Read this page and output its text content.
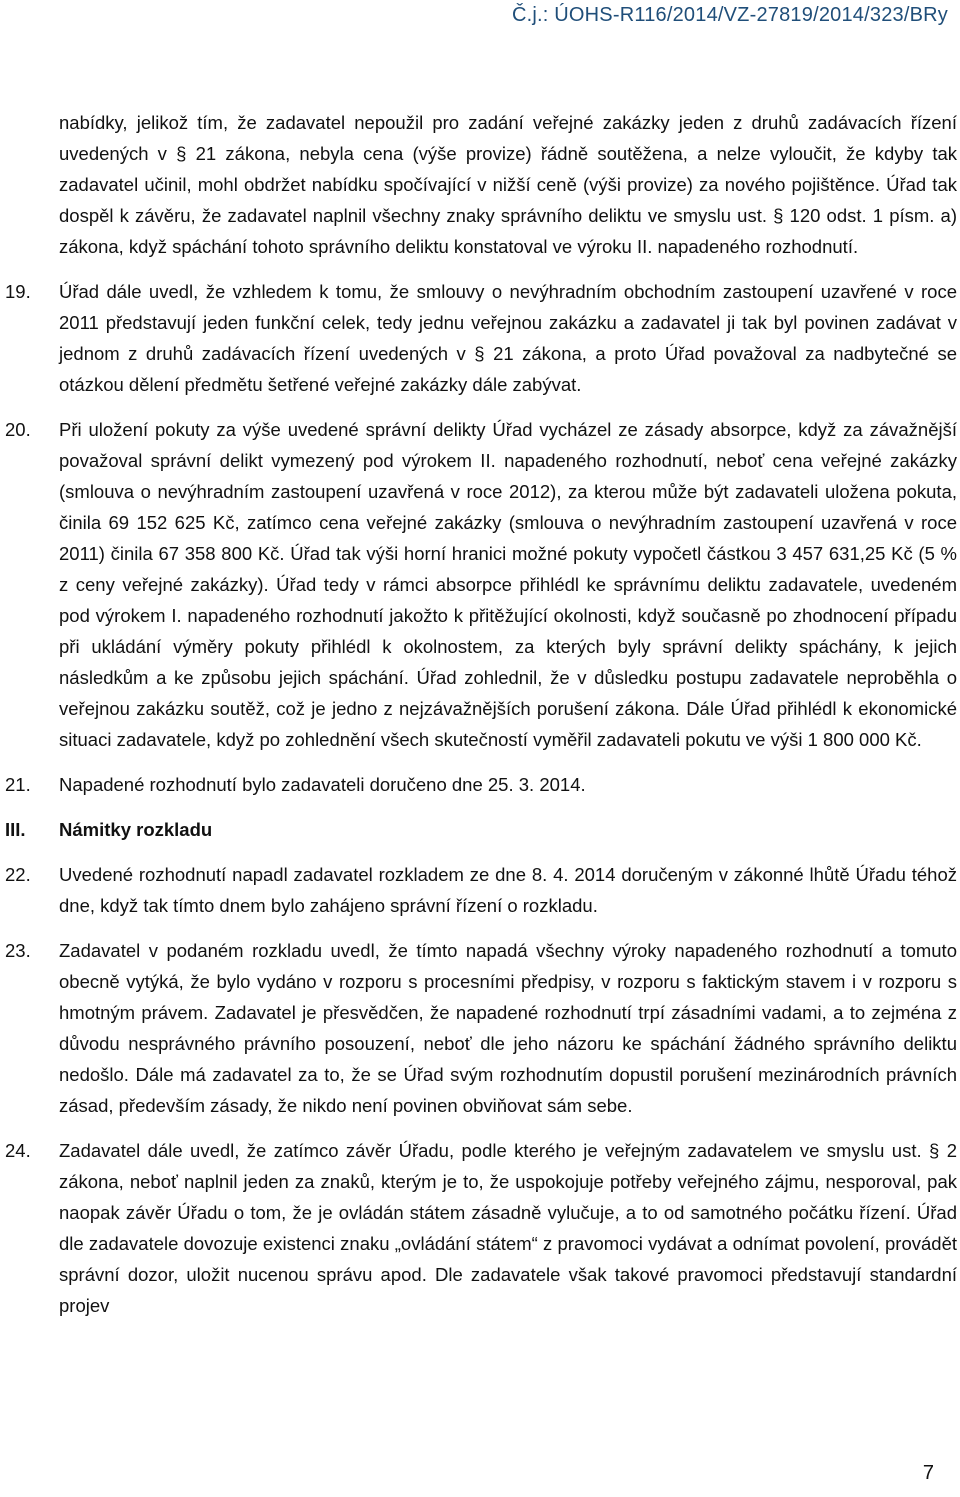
Č.j.: ÚOHS-R116/2014/VZ-27819/2014/323/BRy

nabídky, jelikož tím, že zadavatel nepoužil pro zadání veřejné zakázky jeden z druhů zadávacích řízení uvedených v § 21 zákona, nebyla cena (výše provize) řádně soutěžena, a nelze vyloučit, že kdyby tak zadavatel učinil, mohl obdržet nabídku spočívající v nižší ceně (výši provize) za nového pojištěnce. Úřad tak dospěl k závěru, že zadavatel naplnil všechny znaky správního deliktu ve smyslu ust. § 120 odst. 1 písm. a) zákona, když spáchání tohoto správního deliktu konstatoval ve výroku II. napadeného rozhodnutí.

19. Úřad dále uvedl, že vzhledem k tomu, že smlouvy o nevýhradním obchodním zastoupení uzavřené v roce 2011 představují jeden funkční celek, tedy jednu veřejnou zakázku a zadavatel ji tak byl povinen zadávat v jednom z druhů zadávacích řízení uvedených v § 21 zákona, a proto Úřad považoval za nadbytečné se otázkou dělení předmětu šetřené veřejné zakázky dále zabývat.

20. Při uložení pokuty za výše uvedené správní delikty Úřad vycházel ze zásady absorpce, když za závažnější považoval správní delikt vymezený pod výrokem II. napadeného rozhodnutí, neboť cena veřejné zakázky (smlouva o nevýhradním zastoupení uzavřená v roce 2012), za kterou může být zadavateli uložena pokuta, činila 69 152 625 Kč, zatímco cena veřejné zakázky (smlouva o nevýhradním zastoupení uzavřená v roce 2011) činila 67 358 800 Kč. Úřad tak výši horní hranici možné pokuty vypočetl částkou 3 457 631,25 Kč (5 % z ceny veřejné zakázky). Úřad tedy v rámci absorpce přihlédl ke správnímu deliktu zadavatele, uvedeném pod výrokem I. napadeného rozhodnutí jakožto k přitěžující okolnosti, když současně po zhodnocení případu při ukládání výměry pokuty přihlédl k okolnostem, za kterých byly správní delikty spáchány, k jejich následkům a ke způsobu jejich spáchání. Úřad zohlednil, že v důsledku postupu zadavatele neproběhla o veřejnou zakázku soutěž, což je jedno z nejzávažnějších porušení zákona. Dále Úřad přihlédl k ekonomické situaci zadavatele, když po zohlednění všech skutečností vyměřil zadavateli pokutu ve výši 1 800 000 Kč.

21. Napadené rozhodnutí bylo zadavateli doručeno dne 25. 3. 2014.

III. Námitky rozkladu
22. Uvedené rozhodnutí napadl zadavatel rozkladem ze dne 8. 4. 2014 doručeným v zákonné lhůtě Úřadu téhož dne, když tak tímto dnem bylo zahájeno správní řízení o rozkladu.

23. Zadavatel v podaném rozkladu uvedl, že tímto napadá všechny výroky napadeného rozhodnutí a tomuto obecně vytýká, že bylo vydáno v rozporu s procesními předpisy, v rozporu s faktickým stavem i v rozporu s hmotným právem. Zadavatel je přesvědčen, že napadené rozhodnutí trpí zásadními vadami, a to zejména z důvodu nesprávného právního posouzení, neboť dle jeho názoru ke spáchání žádného správního deliktu nedošlo. Dále má zadavatel za to, že se Úřad svým rozhodnutím dopustil porušení mezinárodních právních zásad, především zásady, že nikdo není povinen obviňovat sám sebe.

24. Zadavatel dále uvedl, že zatímco závěr Úřadu, podle kterého je veřejným zadavatelem ve smyslu ust. § 2 zákona, neboť naplnil jeden za znaků, kterým je to, že uspokojuje potřeby veřejného zájmu, nesporoval, pak naopak závěr Úřadu o tom, že je ovládán státem zásadně vylučuje, a to od samotného počátku řízení. Úřad dle zadavatele dovozuje existenci znaku „ovládání státem“ z pravomoci vydávat a odnímat povolení, provádět správní dozor, uložit nucenou správu apod. Dle zadavatele však takové pravomoci představují standardní projev

7
